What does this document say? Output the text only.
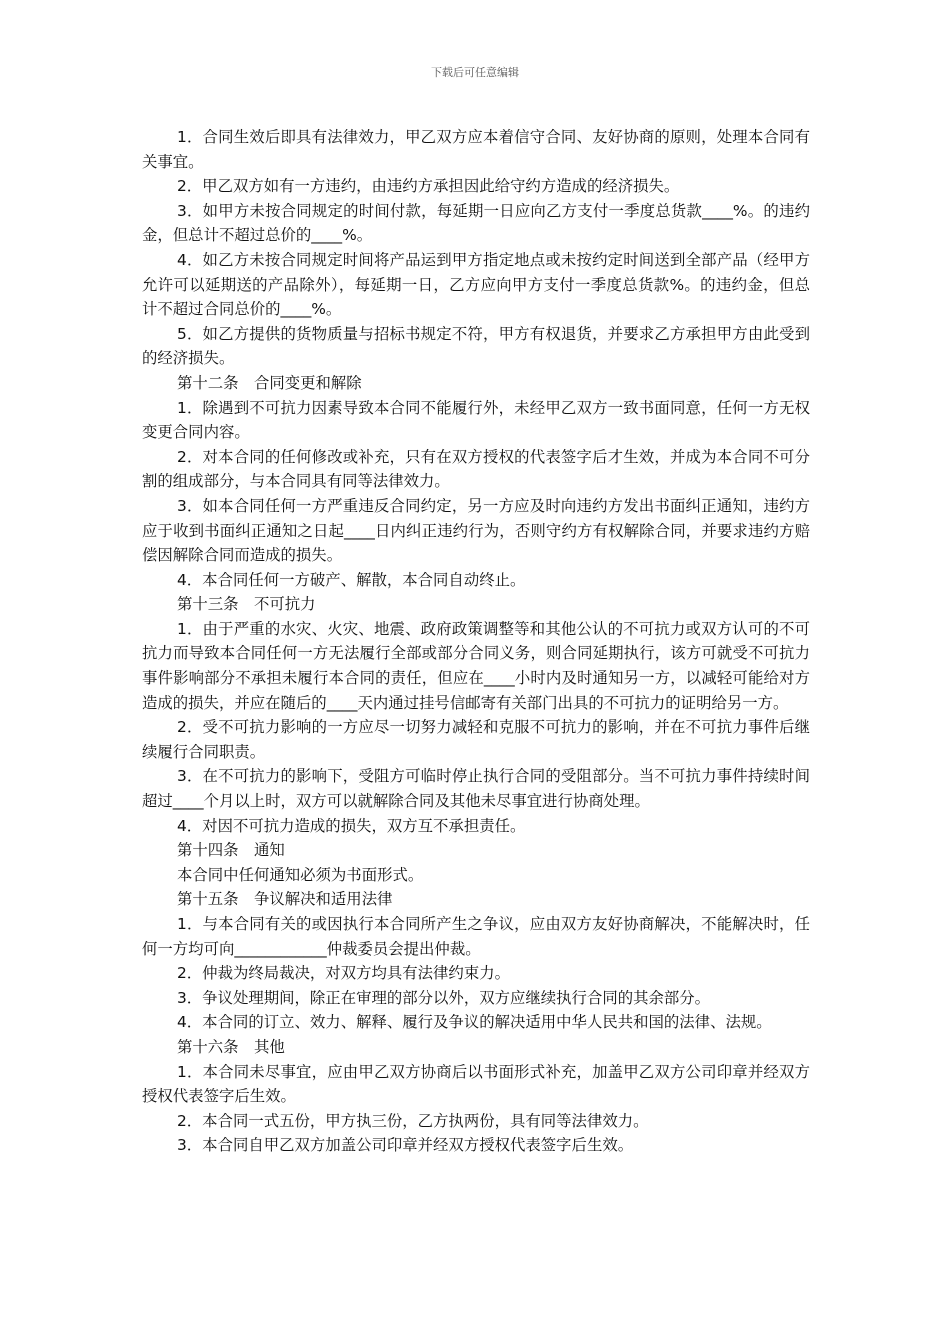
下载后可任意编辑

1．合同生效后即具有法律效力，甲乙双方应本着信守合同、友好协商的原则，处理本合同有关事宜。

2．甲乙双方如有一方违约，由违约方承担因此给守约方造成的经济损失。

3．如甲方未按合同规定的时间付款，每延期一日应向乙方支付一季度总货款____%。的违约金，但总计不超过总价的____%。

4．如乙方未按合同规定时间将产品运到甲方指定地点或未按约定时间送到全部产品（经甲方允许可以延期送的产品除外），每延期一日，乙方应向甲方支付一季度总货款%。的违约金，但总计不超过合同总价的____%。

5．如乙方提供的货物质量与招标书规定不符，甲方有权退货，并要求乙方承担甲方由此受到的经济损失。

第十二条　合同变更和解除

1．除遇到不可抗力因素导致本合同不能履行外，未经甲乙双方一致书面同意，任何一方无权变更合同内容。

2．对本合同的任何修改或补充，只有在双方授权的代表签字后才生效，并成为本合同不可分割的组成部分，与本合同具有同等法律效力。

3．如本合同任何一方严重违反合同约定，另一方应及时向违约方发出书面纠正通知，违约方应于收到书面纠正通知之日起____日内纠正违约行为，否则守约方有权解除合同，并要求违约方赔偿因解除合同而造成的损失。

4．本合同任何一方破产、解散，本合同自动终止。

第十三条　不可抗力

1．由于严重的水灾、火灾、地震、政府政策调整等和其他公认的不可抗力或双方认可的不可抗力而导致本合同任何一方无法履行全部或部分合同义务，则合同延期执行，该方可就受不可抗力事件影响部分不承担未履行本合同的责任，但应在____小时内及时通知另一方，以减轻可能给对方造成的损失，并应在随后的____天内通过挂号信邮寄有关部门出具的不可抗力的证明给另一方。

2．受不可抗力影响的一方应尽一切努力减轻和克服不可抗力的影响，并在不可抗力事件后继续履行合同职责。

3．在不可抗力的影响下，受阻方可临时停止执行合同的受阻部分。当不可抗力事件持续时间超过____个月以上时，双方可以就解除合同及其他未尽事宜进行协商处理。

4．对因不可抗力造成的损失，双方互不承担责任。

第十四条　通知

本合同中任何通知必须为书面形式。

第十五条　争议解决和适用法律

1．与本合同有关的或因执行本合同所产生之争议，应由双方友好协商解决，不能解决时，任何一方均可向____________仲裁委员会提出仲裁。

2．仲裁为终局裁决，对双方均具有法律约束力。

3．争议处理期间，除正在审理的部分以外，双方应继续执行合同的其余部分。

4．本合同的订立、效力、解释、履行及争议的解决适用中华人民共和国的法律、法规。

第十六条　其他

1．本合同未尽事宜，应由甲乙双方协商后以书面形式补充，加盖甲乙双方公司印章并经双方授权代表签字后生效。

2．本合同一式五份，甲方执三份，乙方执两份，具有同等法律效力。

3．本合同自甲乙双方加盖公司印章并经双方授权代表签字后生效。
